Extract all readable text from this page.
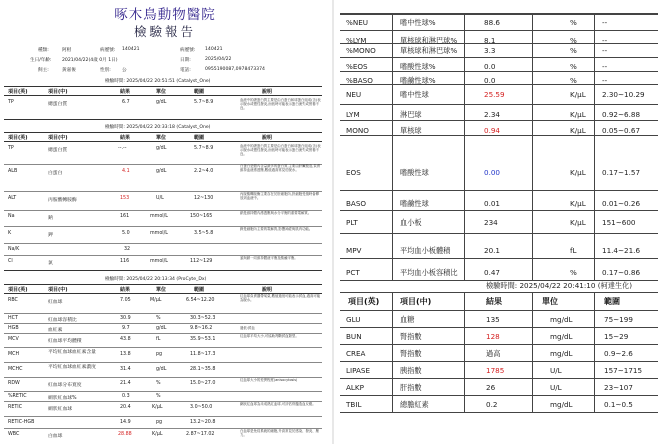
啄木鳥動物醫院
檢驗報告
種類:	阿柑	病歷號: 140421
生日/年齡: 2021/04/22(4歲 0月 1日)	日期:	2025/04/22
飼主:	黃嘉俊	電話:	0955190087,0978473374
病歷號: 140421
性別: 公
檢驗時間: 2025/04/22 20:51:51 (Catalyst_One)
項目(英)	項目(中)	結果	單位	範圍	說明
TP	總蛋白質	6.7	g/dL	5.7~8.9	血液中的總蛋白質主要是由白蛋白和球蛋白組成(含)表示脫水或慢性發炎,而低時可能表示蛋白流失或營養不良。
檢驗時間: 2025/04/22 20:33:18 (Catalyst_One)
項目(英)	項目(中)	結果	單位	範圍	說明
TP	總蛋白質	--.--	g/dL	5.7~8.9	血液中的總蛋白質主要是由白蛋白和球蛋白組成(含)表示脫水或慢性發炎,而低時可能表示蛋白流失或營養不良。
ALB	白蛋白	4.1	g/dL	2.2~4.0
白蛋白是體內含量最多的蛋白質,主要由肝臟製造,負責維持血液滲透壓,數值過高常見於脫水。
ALT	丙胺酸轉胺酶	153	U/L	12~130
丙胺酸轉胺酶主要存在於肝細胞內,肝細胞受損時會釋放到血液中。
Na	鈉	161	mmol/L	150~165
鈉是維持體內滲透壓與水分平衡的重要電解質。
K	鉀	5.0	mmol/L	3.5~5.8
鉀是細胞內主要的電解質,影響神經與肌肉功能。
Na/K	32
Cl	氯	116	mmol/L	112~129
氯與鈉一同維持體液平衡及酸鹼平衡。
檢驗時間: 2025/04/22 20:13:34 (ProCyte_Dx)
項目(英)	項目(中)	結果	單位	範圍	說明
RBC	紅血球	7.05	M/μL	6.54~12.20
紅血球負責攜帶氧氣,數值過低可能表示貧血,過高可能為脫水。
HCT	紅血球容積比	30.9	%	30.3~52.3
HGB	血紅素	9.7	g/dL	9.8~16.2	過低:貧血
MCV	紅血球平均體積	43.8	fL	35.9~53.1
紅血球平均大小,可協助判斷貧血類型。
MCH	平均紅血球血紅素含量	13.8	pg	11.8~17.3
MCHC	平均紅血球血紅素濃度	31.4	g/dL	28.1~35.8
RDW	紅血球分布寬度	21.4	%	15.0~27.0
紅血球大小的差異程度(anisocytosis)
%RETIC	網狀紅血球%	0.3	%
RETIC	網狀紅血球	20.4	K/μL	3.0~50.0
網狀紅血球為未成熟紅血球,可評估骨髓造血反應。
RETIC-HGB	14.9	pg	13.2~20.8
WBC	白血球	28.88	K/μL	2.87~17.02
白血球是免疫系統的細胞,升高常見於感染、發炎、壓力。
%NEU	嗜中性球%	88.6	%	--
%LYM	單核球和淋巴球%	8.1	%	--
%MONO	單核球和淋巴球%	3.3	%	--
%EOS	嗜酸性球%	0.0	%	--
%BASO	嗜鹼性球%	0.0	%	--
NEU	嗜中性球	25.59	K/μL 2.30~10.29
LYM	淋巴球	2.34	K/μL 0.92~6.88
MONO	單核球	0.94	K/μL 0.05~0.67
EOS	嗜酸性球	0.00	K/μL 0.17~1.57
BASO	嗜鹼性球	0.01	K/μL 0.01~0.26
PLT	血小板	234	K/μL 151~600
MPV	平均血小板體積	20.1	fL	11.4~21.6
PCT	平均血小板容積比	0.47	%	0.17~0.86
檢驗時間: 2025/04/22 20:41:10 (柯達生化)
項目(英)	項目(中)	結果	單位	範圍
GLU	血糖	135	mg/dL	75~199
BUN	腎指數	128	mg/dL	15~29
CREA	腎指數	過高	mg/dL	0.9~2.6
LIPASE	胰指數	1785	U/L	157~1715
ALKP	肝指數	26	U/L	23~107
TBIL	總膽紅素	0.2	mg/dL	0.1~0.5
